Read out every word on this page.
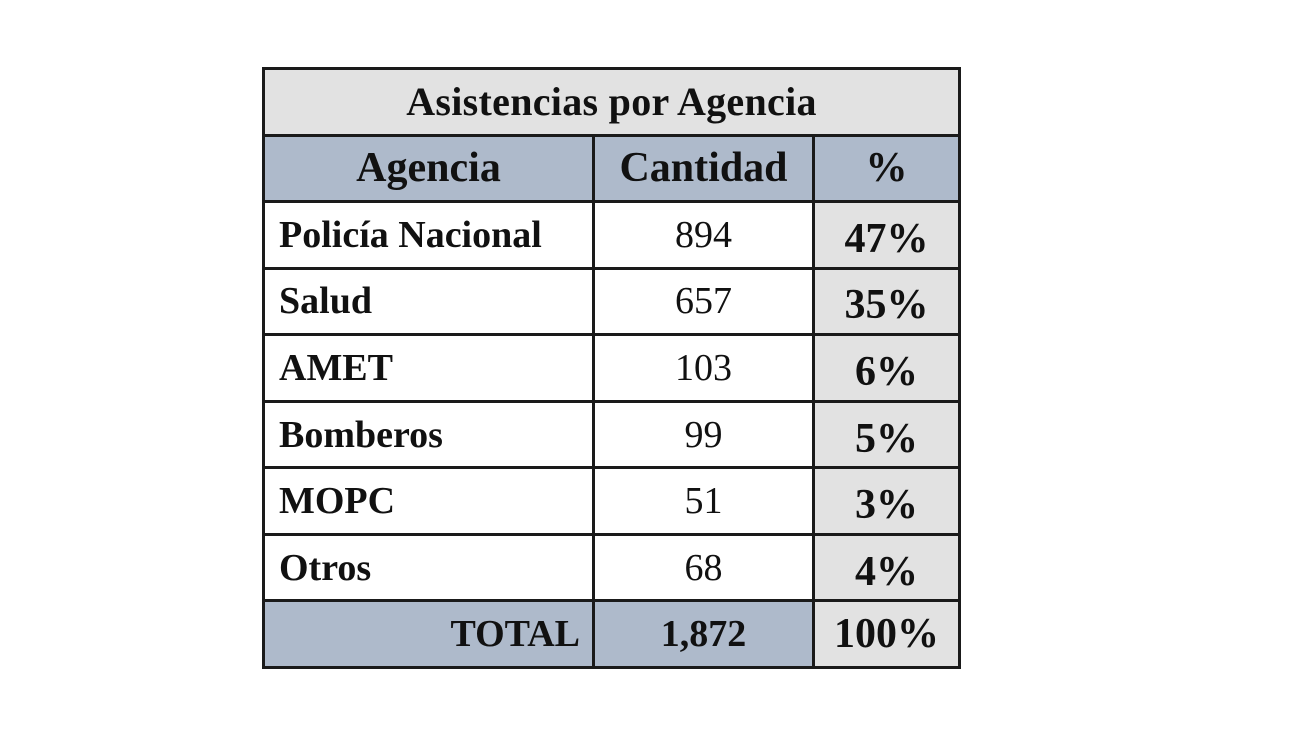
Asistencias por Agencia		
Agencia	Cantidad	%
Policía Nacional	894	47%
Salud	657	35%
AMET	103	6%
Bomberos	99	5%
MOPC	51	3%
Otros	68	4%
TOTAL	1,872	100%
